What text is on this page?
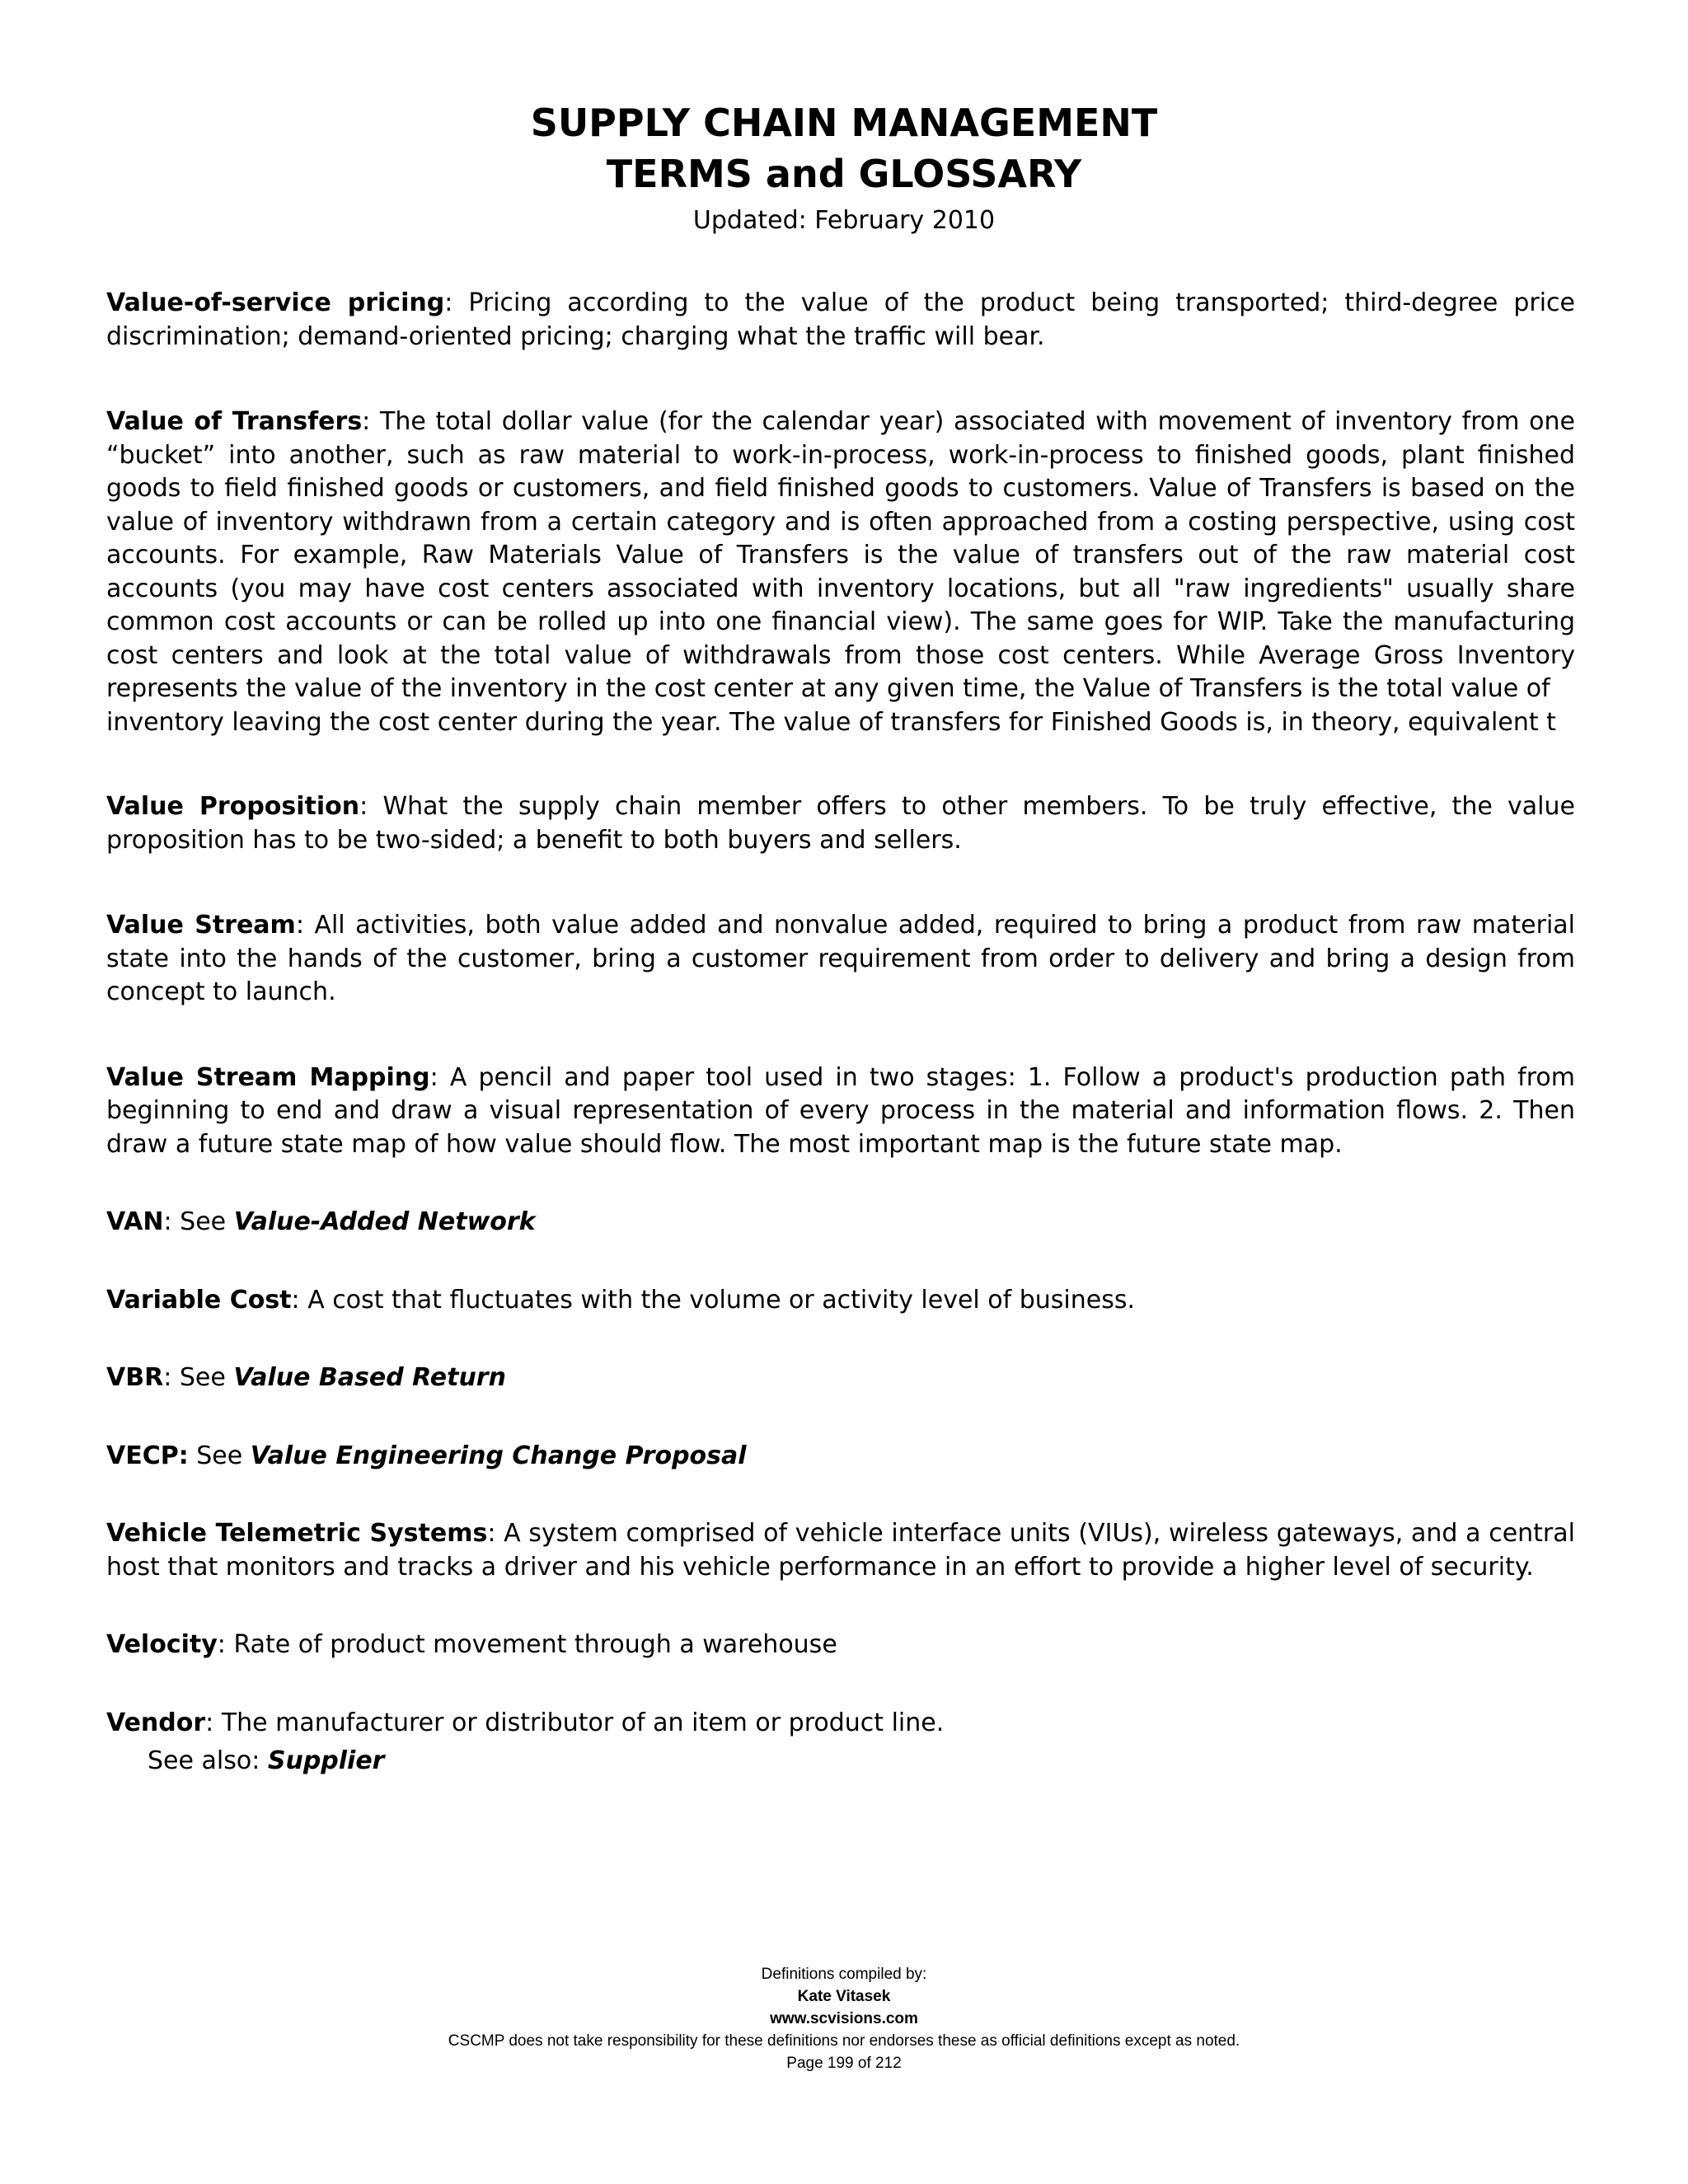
SUPPLY CHAIN MANAGEMENT
TERMS and GLOSSARY
Updated: February 2010

Value-of-service pricing: Pricing according to the value of the product being transported; third-degree price discrimination; demand-oriented pricing; charging what the traffic will bear.

Value of Transfers: The total dollar value (for the calendar year) associated with movement of inventory from one “bucket” into another, such as raw material to work-in-process, work-in-process to finished goods, plant finished goods to field finished goods or customers, and field finished goods to customers. Value of Transfers is based on the value of inventory withdrawn from a certain category and is often approached from a costing perspective, using cost accounts. For example, Raw Materials Value of Transfers is the value of transfers out of the raw material cost accounts (you may have cost centers associated with inventory locations, but all "raw ingredients" usually share common cost accounts or can be rolled up into one financial view). The same goes for WIP. Take the manufacturing cost centers and look at the total value of withdrawals from those cost centers. While Average Gross Inventory represents the value of the inventory in the cost center at any given time, the Value of Transfers is the total value of

inventory leaving the cost center during the year. The value of transfers for Finished Goods is, in theory, equivalent t

Value Proposition: What the supply chain member offers to other members. To be truly effective, the value proposition has to be two-sided; a benefit to both buyers and sellers.

Value Stream: All activities, both value added and nonvalue added, required to bring a product from raw material state into the hands of the customer, bring a customer requirement from order to delivery and bring a design from concept to launch.

Value Stream Mapping: A pencil and paper tool used in two stages: 1. Follow a product's production path from beginning to end and draw a visual representation of every process in the material and information flows. 2. Then draw a future state map of how value should flow. The most important map is the future state map.

VAN: See Value-Added Network

Variable Cost: A cost that fluctuates with the volume or activity level of business.

VBR: See Value Based Return

VECP: See Value Engineering Change Proposal

Vehicle Telemetric Systems: A system comprised of vehicle interface units (VIUs), wireless gateways, and a central host that monitors and tracks a driver and his vehicle performance in an effort to provide a higher level of security.

Velocity: Rate of product movement through a warehouse

Vendor: The manufacturer or distributor of an item or product line.

See also: Supplier

Definitions compiled by:
Kate Vitasek
www.scvisions.com
CSCMP does not take responsibility for these definitions nor endorses these as official definitions except as noted.
Page 199 of 212
